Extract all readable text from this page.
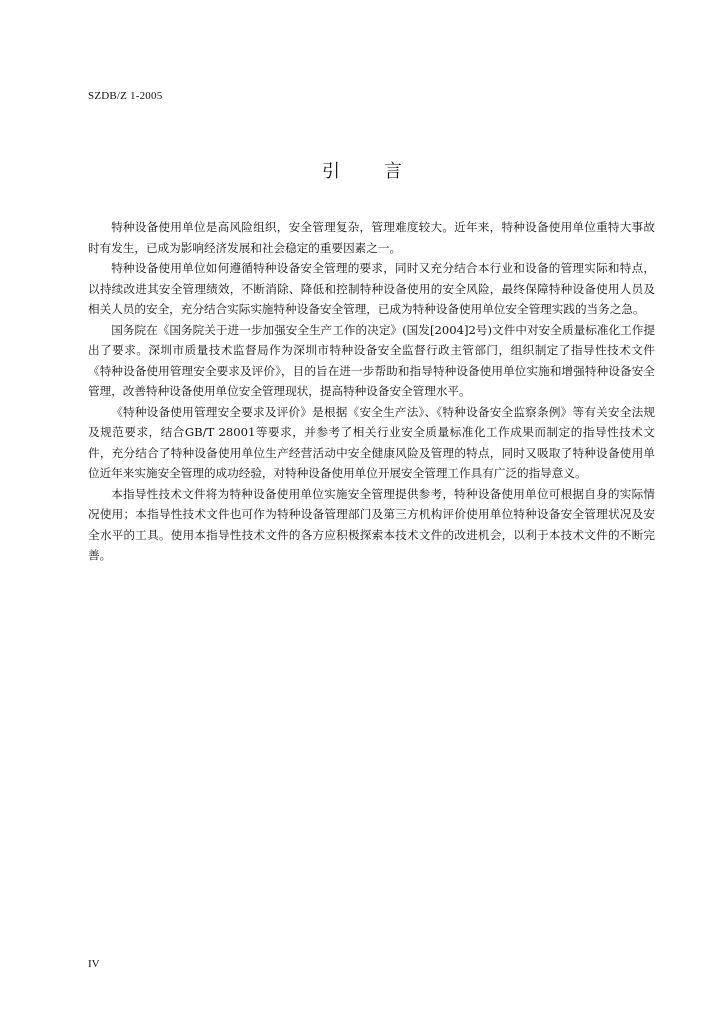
SZDB/Z 1-2005

引 言

特种设备使用单位是高风险组织，安全管理复杂，管理难度较大。近年来，特种设备使用单位重特大事故时有发生，已成为影响经济发展和社会稳定的重要因素之一。

特种设备使用单位如何遵循特种设备安全管理的要求，同时又充分结合本行业和设备的管理实际和特点，以持续改进其安全管理绩效，不断消除、降低和控制特种设备使用的安全风险，最终保障特种设备使用人员及相关人员的安全，充分结合实际实施特种设备安全管理，已成为特种设备使用单位安全管理实践的当务之急。

国务院在《国务院关于进一步加强安全生产工作的决定》(国发[2004]2号)文件中对安全质量标准化工作提出了要求。深圳市质量技术监督局作为深圳市特种设备安全监督行政主管部门，组织制定了指导性技术文件《特种设备使用管理安全要求及评价》，目的旨在进一步帮助和指导特种设备使用单位实施和增强特种设备安全管理，改善特种设备使用单位安全管理现状，提高特种设备安全管理水平。

《特种设备使用管理安全要求及评价》是根据《安全生产法》、《特种设备安全监察条例》等有关安全法规及规范要求，结合GB/T 28001等要求，并参考了相关行业安全质量标准化工作成果而制定的指导性技术文件，充分结合了特种设备使用单位生产经营活动中安全健康风险及管理的特点，同时又吸取了特种设备使用单位近年来实施安全管理的成功经验，对特种设备使用单位开展安全管理工作具有广泛的指导意义。

本指导性技术文件将为特种设备使用单位实施安全管理提供参考，特种设备使用单位可根据自身的实际情况使用；本指导性技术文件也可作为特种设备管理部门及第三方机构评价使用单位特种设备安全管理状况及安全水平的工具。使用本指导性技术文件的各方应积极探索本技术文件的改进机会，以利于本技术文件的不断完善。

IV
